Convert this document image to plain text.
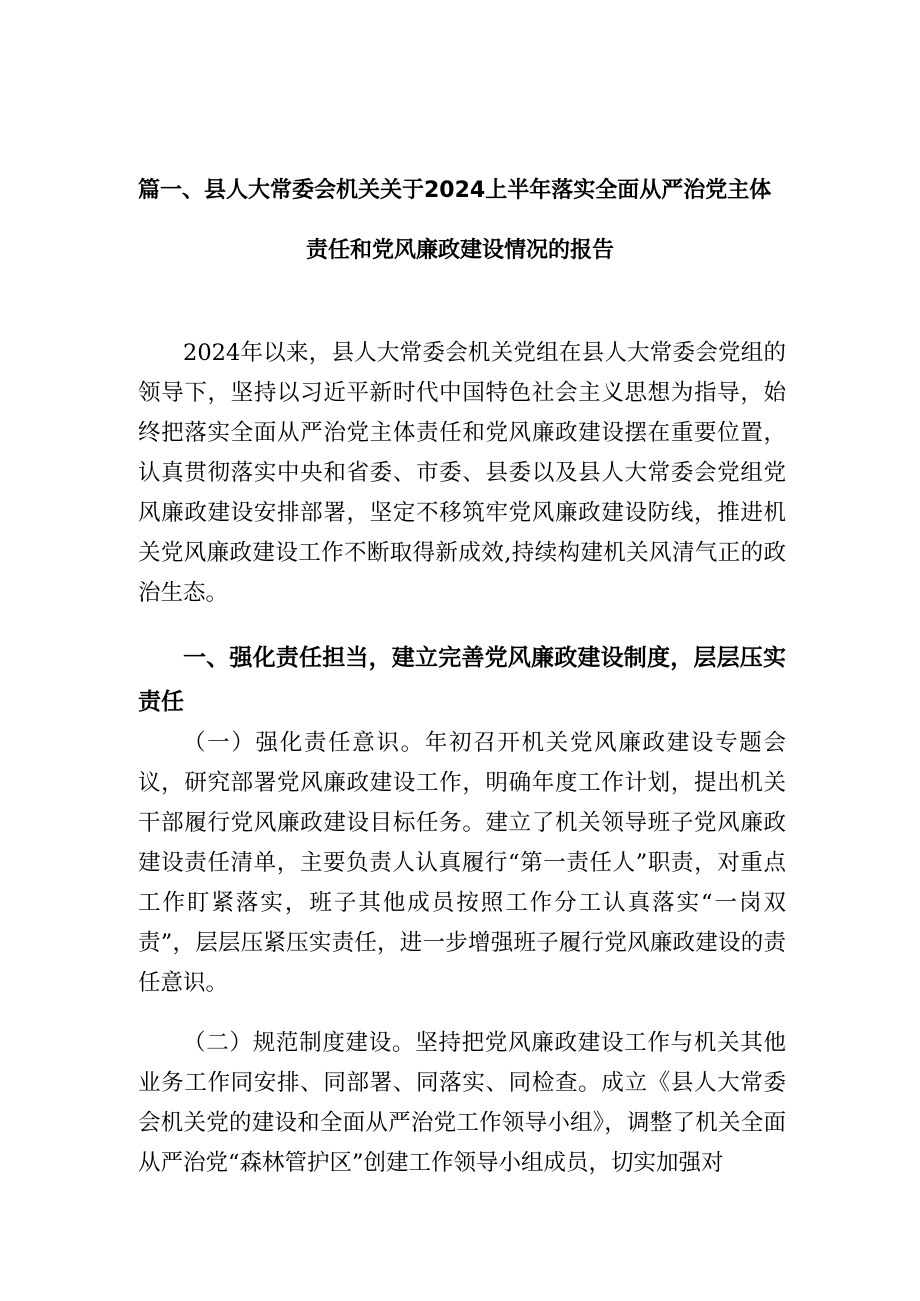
篇一、县人大常委会机关关于2024上半年落实全面从严治党主体
责任和党风廉政建设情况的报告
2024年以来，县人大常委会机关党组在县人大常委会党组的领导下，坚持以习近平新时代中国特色社会主义思想为指导，始终把落实全面从严治党主体责任和党风廉政建设摆在重要位置，认真贯彻落实中央和省委、市委、县委以及县人大常委会党组党风廉政建设安排部署，坚定不移筑牢党风廉政建设防线，推进机关党风廉政建设工作不断取得新成效,持续构建机关风清气正的政治生态。
一、强化责任担当，建立完善党风廉政建设制度，层层压实责任
（一）强化责任意识。年初召开机关党风廉政建设专题会议，研究部署党风廉政建设工作，明确年度工作计划，提出机关干部履行党风廉政建设目标任务。建立了机关领导班子党风廉政建设责任清单，主要负责人认真履行“第一责任人”职责，对重点工作盯紧落实，班子其他成员按照工作分工认真落实“一岗双责”，层层压紧压实责任，进一步增强班子履行党风廉政建设的责任意识。
（二）规范制度建设。坚持把党风廉政建设工作与机关其他业务工作同安排、同部署、同落实、同检查。成立《县人大常委会机关党的建设和全面从严治党工作领导小组》，调整了机关全面从严治党“森林管护区”创建工作领导小组成员，切实加强对
